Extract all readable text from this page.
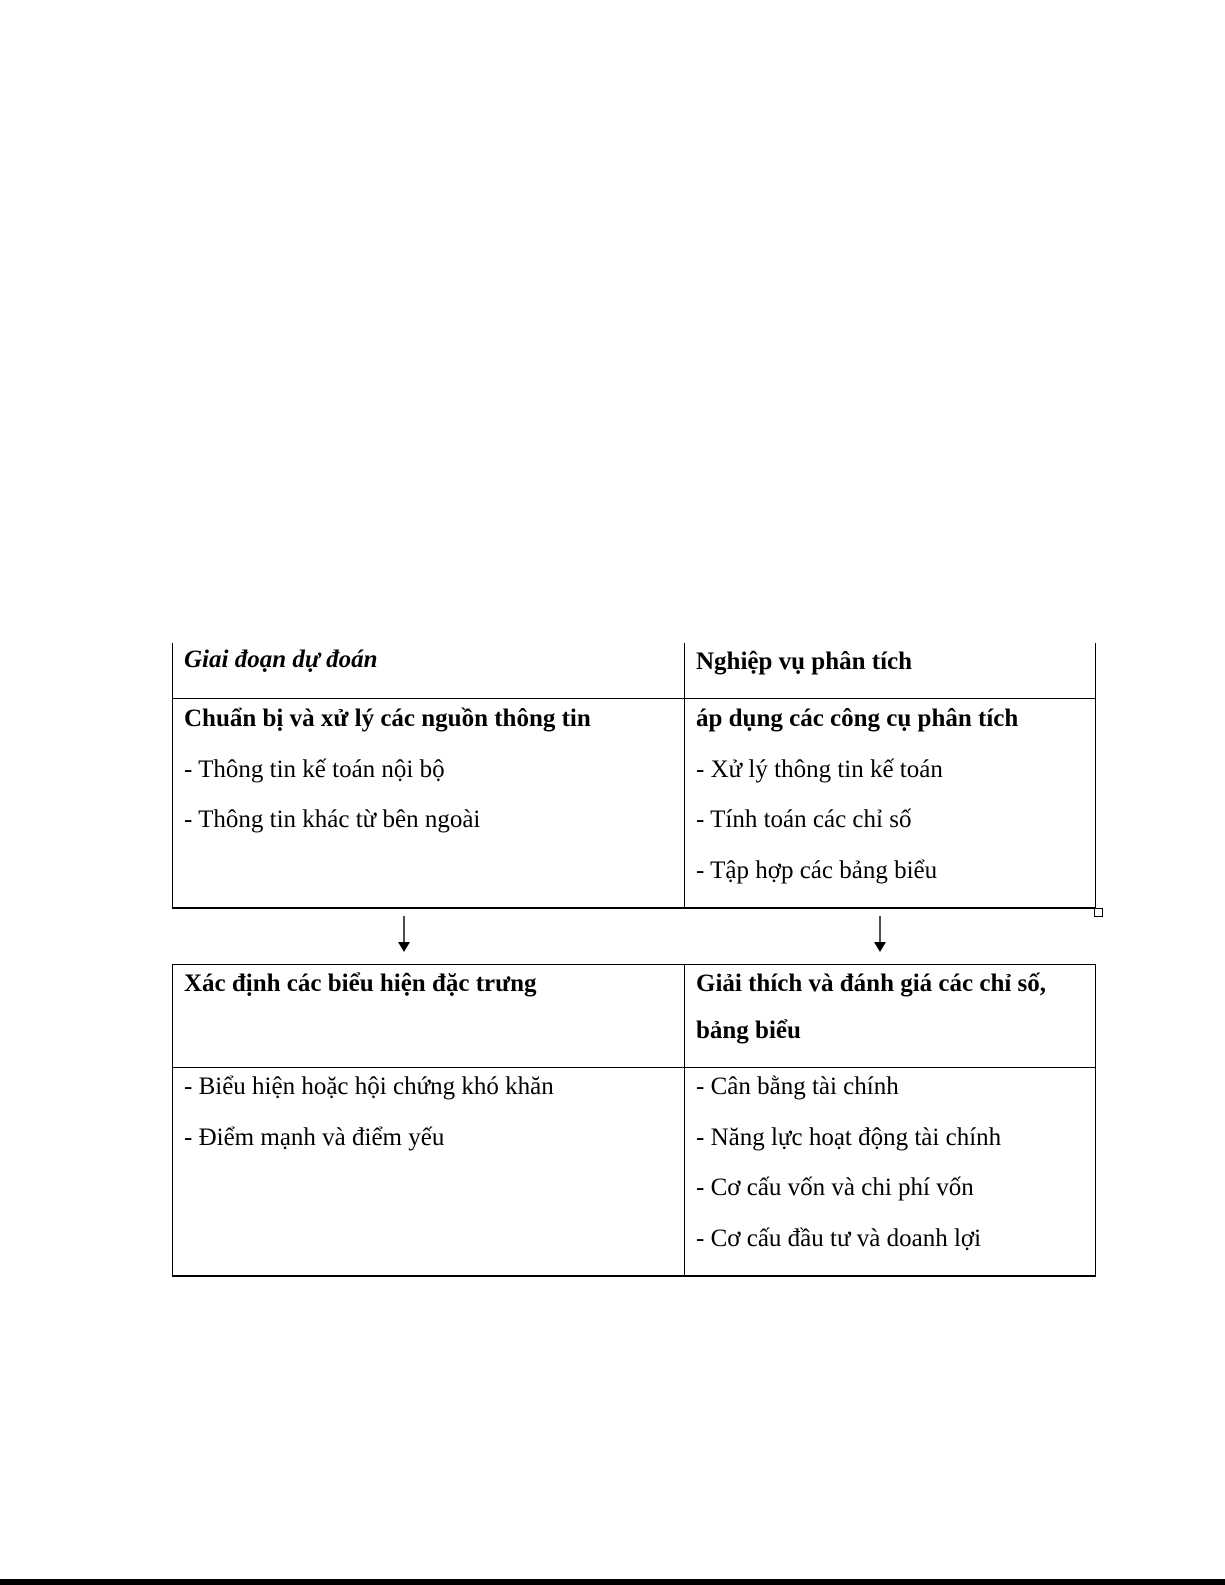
Giai đoạn dự đoán	Nghiệp vụ phân tích
Chuẩn bị và xử lý các nguồn thông tin
- Thông tin kế toán nội bộ
- Thông tin khác từ bên ngoài
áp dụng các công cụ phân tích
- Xử lý thông tin kế toán
- Tính toán các chỉ số
- Tập hợp các bảng biểu
Xác định các biểu hiện đặc trưng	Giải thích và đánh giá các chỉ số,
bảng biểu
- Biểu hiện hoặc hội chứng khó khăn
- Điểm mạnh và điểm yếu
- Cân bằng tài chính
- Năng lực hoạt động tài chính
- Cơ cấu vốn và chi phí vốn
- Cơ cấu đầu tư và doanh lợi
